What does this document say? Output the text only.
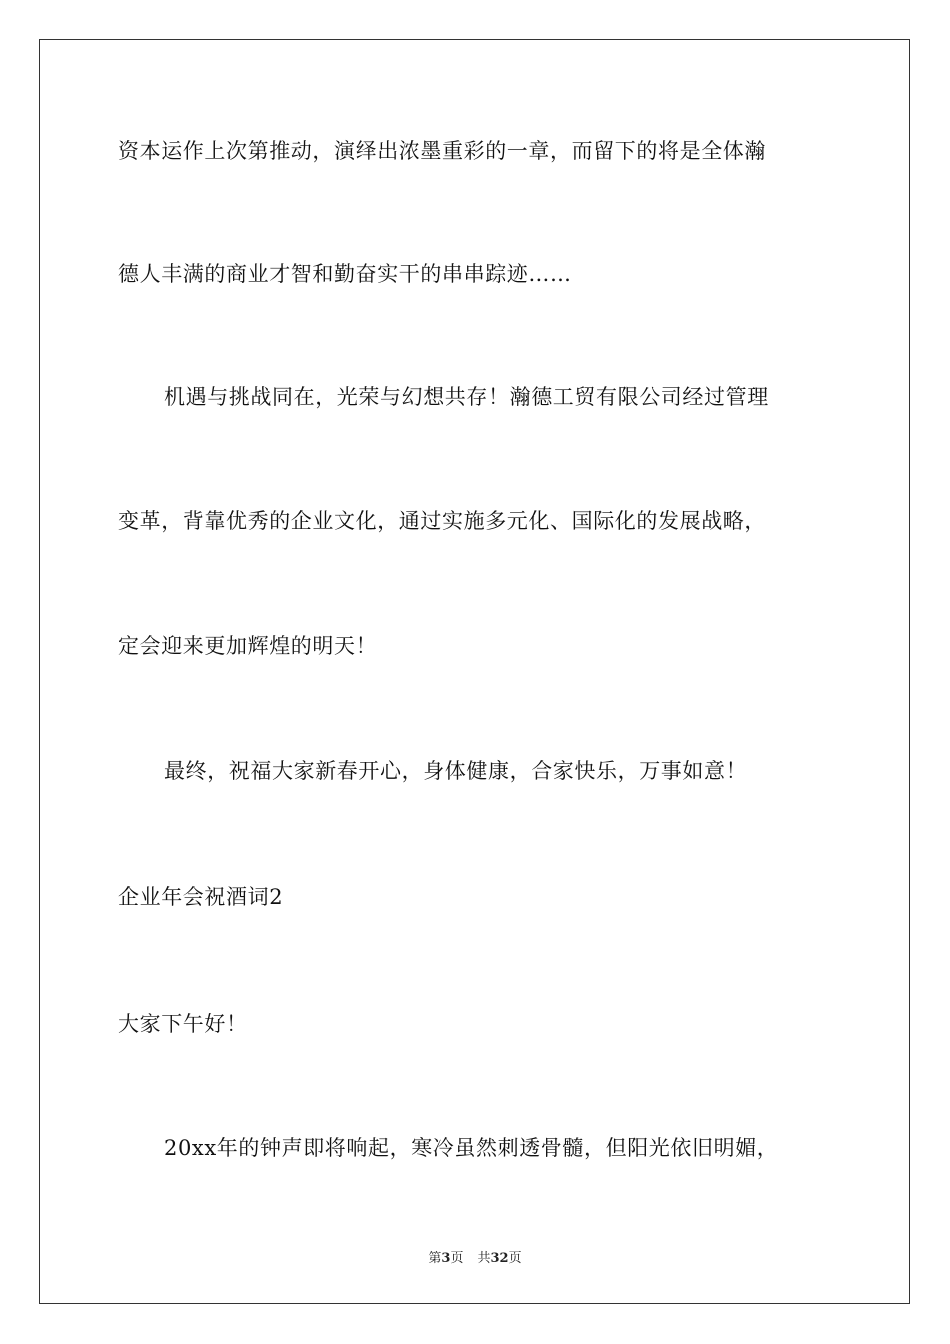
资本运作上次第推动，演绎出浓墨重彩的一章，而留下的将是全体瀚
德人丰满的商业才智和勤奋实干的串串踪迹……
机遇与挑战同在，光荣与幻想共存！瀚德工贸有限公司经过管理
变革，背靠优秀的企业文化，通过实施多元化、国际化的发展战略，
定会迎来更加辉煌的明天！
最终，祝福大家新春开心，身体健康，合家快乐，万事如意！
企业年会祝酒词2
大家下午好！
20xx年的钟声即将响起，寒冷虽然刺透骨髓，但阳光依旧明媚，
第3页 共32页
